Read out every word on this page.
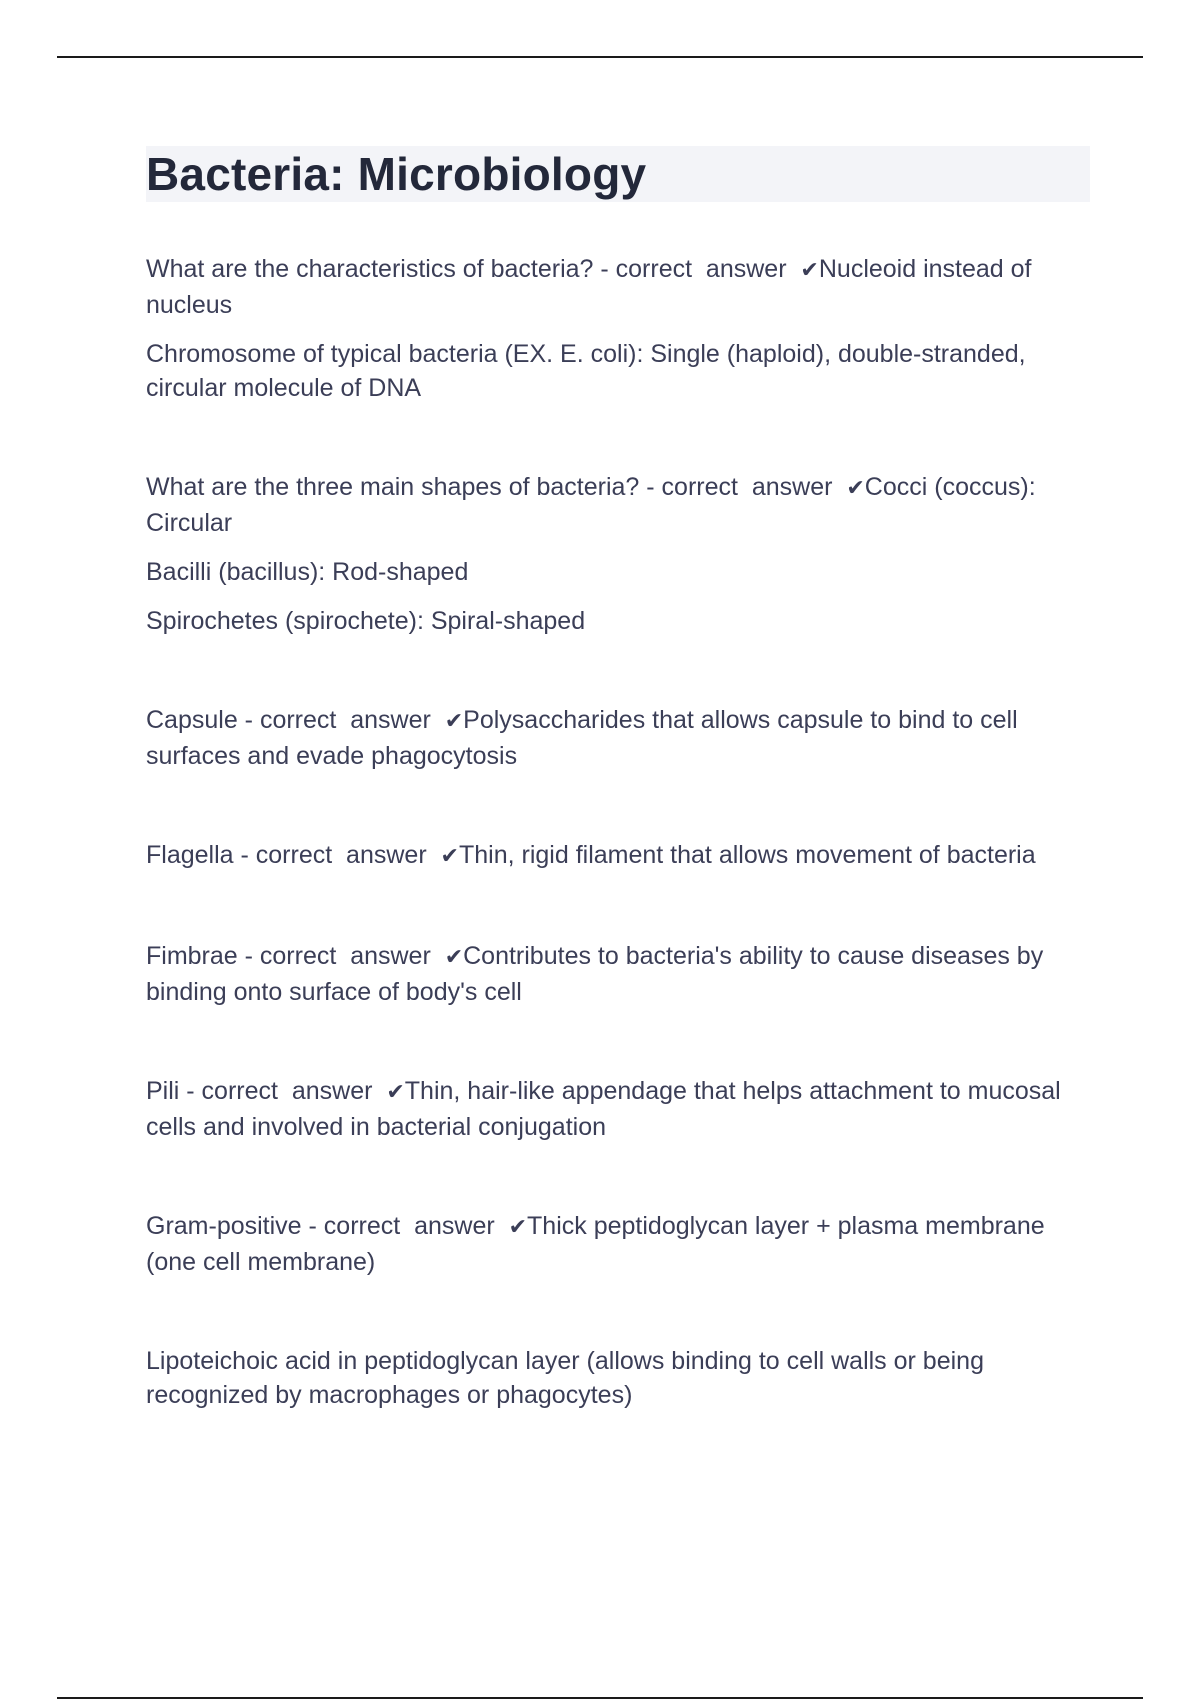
Bacteria: Microbiology

What are the characteristics of bacteria? - correct  answer  ✔Nucleoid instead of nucleus

Chromosome of typical bacteria (EX. E. coli): Single (haploid), double-stranded, circular molecule of DNA

What are the three main shapes of bacteria? - correct  answer  ✔Cocci (coccus): Circular

Bacilli (bacillus): Rod-shaped

Spirochetes (spirochete): Spiral-shaped

Capsule - correct  answer  ✔Polysaccharides that allows capsule to bind to cell surfaces and evade phagocytosis

Flagella - correct  answer  ✔Thin, rigid filament that allows movement of bacteria

Fimbrae - correct  answer  ✔Contributes to bacteria's ability to cause diseases by binding onto surface of body's cell

Pili - correct  answer  ✔Thin, hair-like appendage that helps attachment to mucosal cells and involved in bacterial conjugation

Gram-positive - correct  answer  ✔Thick peptidoglycan layer + plasma membrane (one cell membrane)

Lipoteichoic acid in peptidoglycan layer (allows binding to cell walls or being recognized by macrophages or phagocytes)
